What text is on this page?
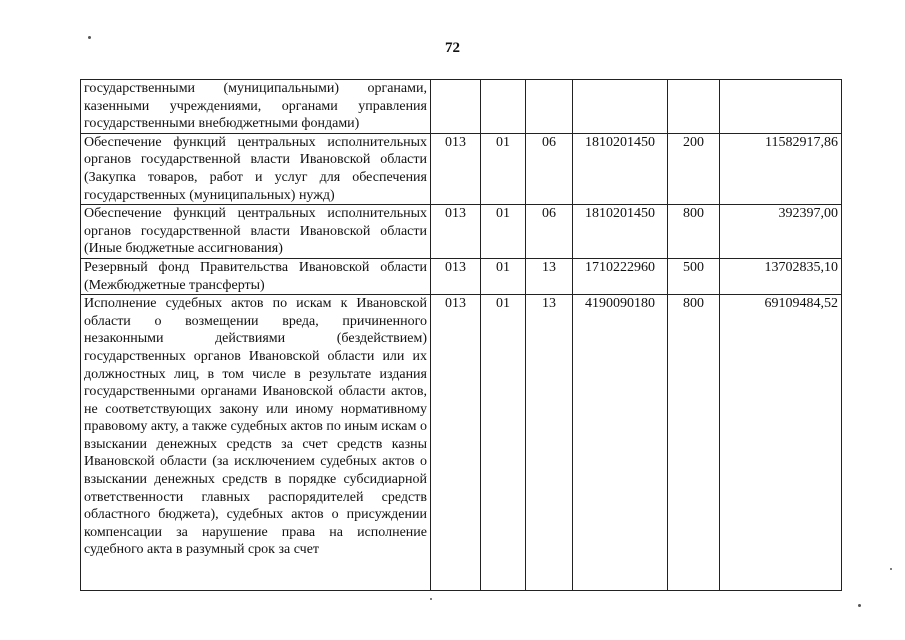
72
государственными (муниципальными) органами, казенными учреждениями, органами управления государственными внебюджетными фондами)						

Обеспечение функций центральных исполнительных органов государственной власти Ивановской области (Закупка товаров, работ и услуг для обеспечения государственных (муниципальных) нужд)	013	01	06	1810201450	200	11582917,86

Обеспечение функций центральных исполнительных органов государственной власти Ивановской области (Иные бюджетные ассигнования)	013	01	06	1810201450	800	392397,00

Резервный фонд Правительства Ивановской области (Межбюджетные трансферты)	013	01	13	1710222960	500	13702835,10

Исполнение судебных актов по искам к Ивановской области о возмещении вреда, причиненного незаконными действиями (бездействием) государственных органов Ивановской области или их должностных лиц, в том числе в результате издания государственными органами Ивановской области актов, не соответствующих закону или иному нормативному правовому акту, а также судебных актов по иным искам о взыскании денежных средств за счет средств казны Ивановской области (за исключением судебных актов о взыскании денежных средств в порядке субсидиарной ответственности главных распорядителей средств областного бюджета), судебных актов о присуждении компенсации за нарушение права на исполнение судебного акта в разумный срок за счет	013	01	13	4190090180	800	69109484,52
